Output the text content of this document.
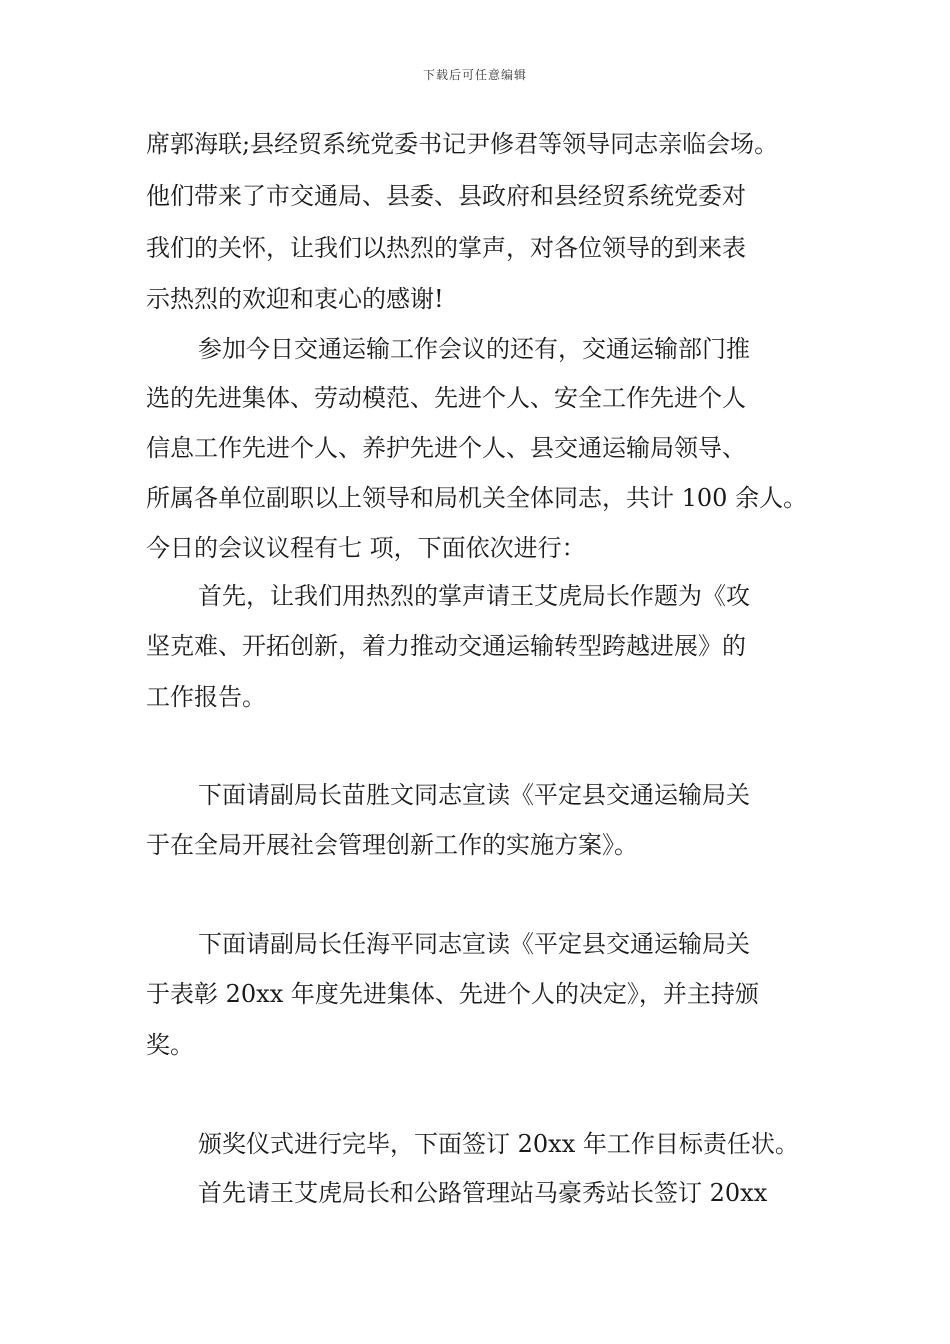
下载后可任意编辑
席郭海联;县经贸系统党委书记尹修君等领导同志亲临会场。
他们带来了市交通局、县委、县政府和县经贸系统党委对
我们的关怀，让我们以热烈的掌声，对各位领导的到来表
示热烈的欢迎和衷心的感谢!
参加今日交通运输工作会议的还有，交通运输部门推
选的先进集体、劳动模范、先进个人、安全工作先进个人
信息工作先进个人、养护先进个人、县交通运输局领导、
所属各单位副职以上领导和局机关全体同志，共计 100 余人。
今日的会议议程有七 项，下面依次进行：
首先，让我们用热烈的掌声请王艾虎局长作题为《攻
坚克难、开拓创新，着力推动交通运输转型跨越进展》的
工作报告。
下面请副局长苗胜文同志宣读《平定县交通运输局关
于在全局开展社会管理创新工作的实施方案》。
下面请副局长任海平同志宣读《平定县交通运输局关
于表彰 20xx 年度先进集体、先进个人的决定》，并主持颁
奖。
颁奖仪式进行完毕，下面签订 20xx 年工作目标责任状。
首先请王艾虎局长和公路管理站马豪秀站长签订 20xx
